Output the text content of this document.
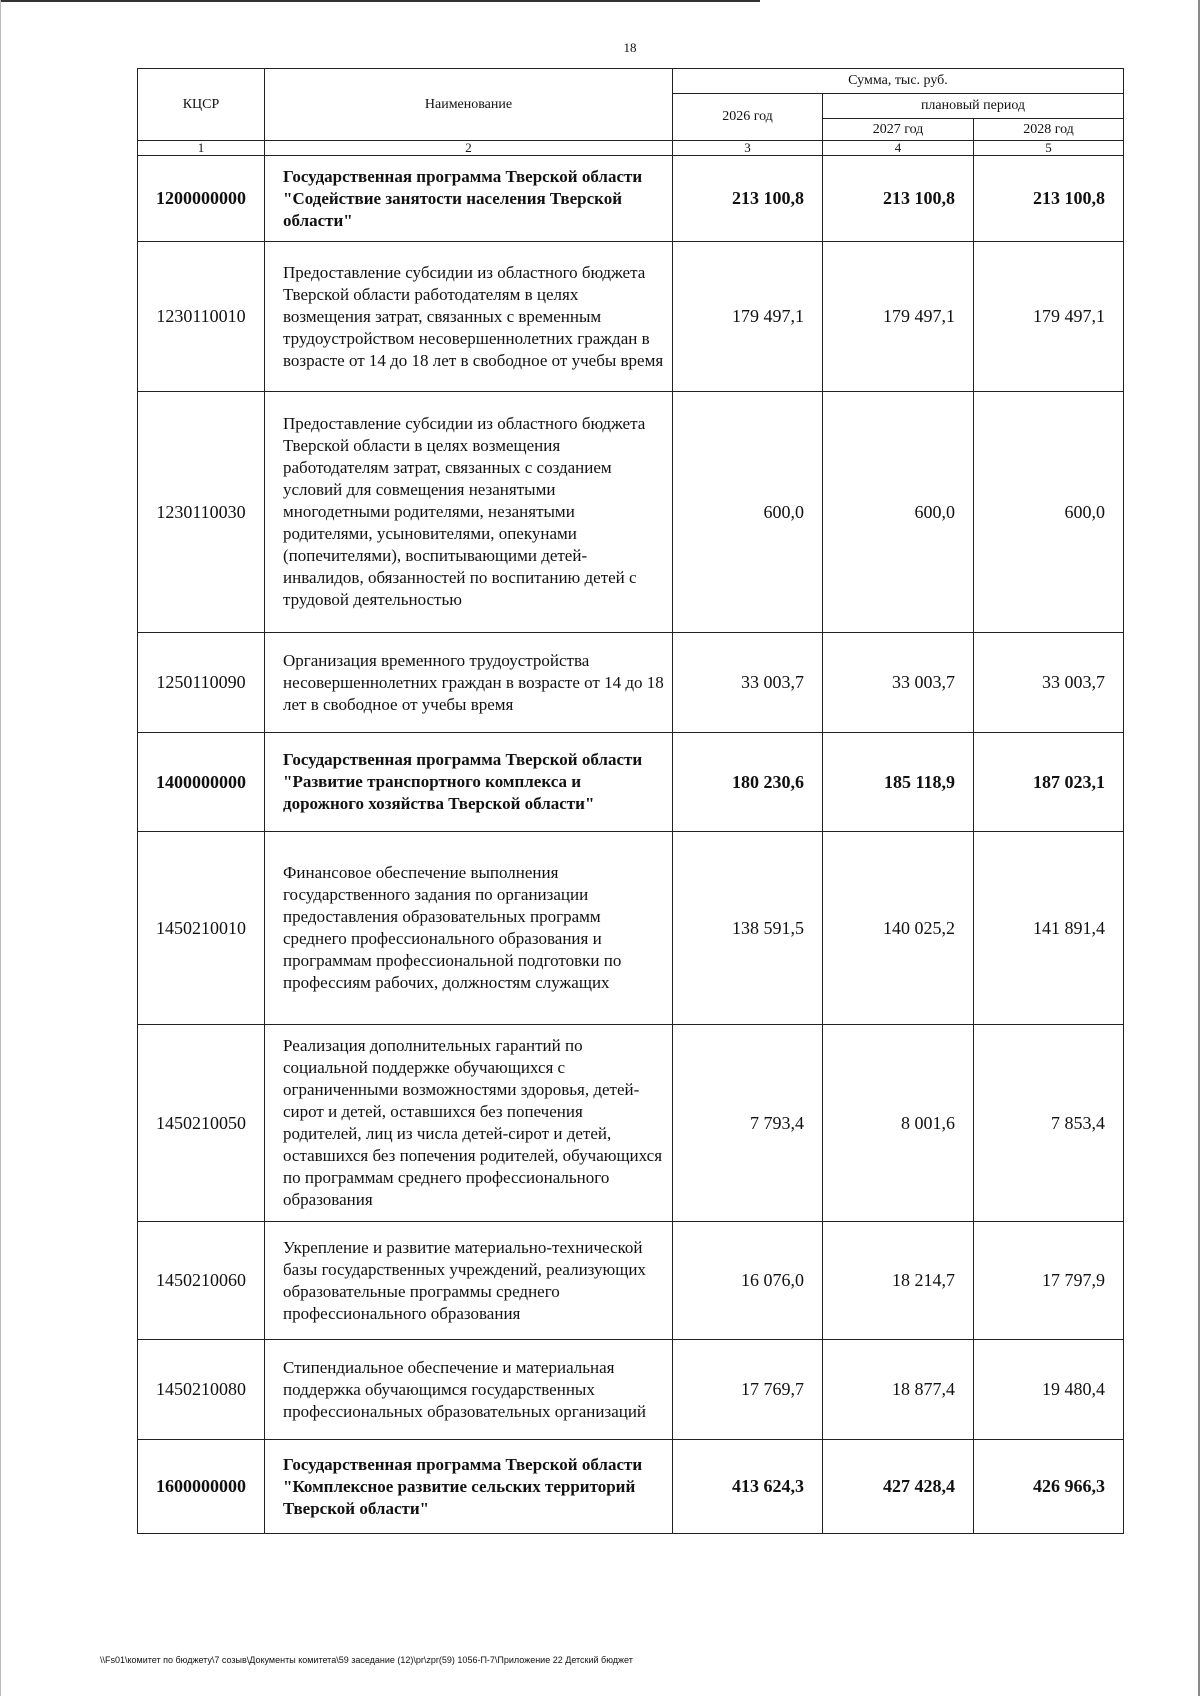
18
КЦСР	Наименование	Сумма, тыс. руб.		
		2026 год	плановый период	
			2027 год	2028 год
1	2	3	4	5
1200000000	Государственная программа Тверской области "Содействие занятости населения Тверской области"	213 100,8	213 100,8	213 100,8
1230110010	Предоставление субсидии из областного бюджета Тверской области работодателям в целях возмещения затрат, связанных с временным трудоустройством несовершеннолетних граждан в возрасте от 14 до 18 лет в свободное от учебы время	179 497,1	179 497,1	179 497,1
1230110030	Предоставление субсидии из областного бюджета Тверской области в целях возмещения работодателям затрат, связанных с созданием условий для совмещения незанятыми многодетными родителями, незанятыми родителями, усыновителями, опекунами (попечителями), воспитывающими детей-инвалидов, обязанностей по воспитанию детей с трудовой деятельностью	600,0	600,0	600,0
1250110090	Организация временного трудоустройства несовершеннолетних граждан в возрасте от 14 до 18 лет в свободное от учебы время	33 003,7	33 003,7	33 003,7
1400000000	Государственная программа Тверской области "Развитие транспортного комплекса и дорожного хозяйства Тверской области"	180 230,6	185 118,9	187 023,1
1450210010	Финансовое обеспечение выполнения государственного задания по организации предоставления образовательных программ среднего профессионального образования и программам профессиональной подготовки по профессиям рабочих, должностям служащих	138 591,5	140 025,2	141 891,4
1450210050	Реализация дополнительных гарантий по социальной поддержке обучающихся с ограниченными возможностями здоровья, детей-сирот и детей, оставшихся без попечения родителей, лиц из числа детей-сирот и детей, оставшихся без попечения родителей, обучающихся по программам среднего профессионального образования	7 793,4	8 001,6	7 853,4
1450210060	Укрепление и развитие материально-технической базы государственных учреждений, реализующих образовательные программы среднего профессионального образования	16 076,0	18 214,7	17 797,9
1450210080	Стипендиальное обеспечение и материальная поддержка обучающимся государственных профессиональных образовательных организаций	17 769,7	18 877,4	19 480,4
1600000000	Государственная программа Тверской области "Комплексное развитие сельских территорий Тверской области"	413 624,3	427 428,4	426 966,3
\\Fs01\комитет по бюджету\7 созыв\Документы комитета\59 заседание (12)\pr\zpr(59) 1056-П-7\Приложение 22 Детский бюджет
